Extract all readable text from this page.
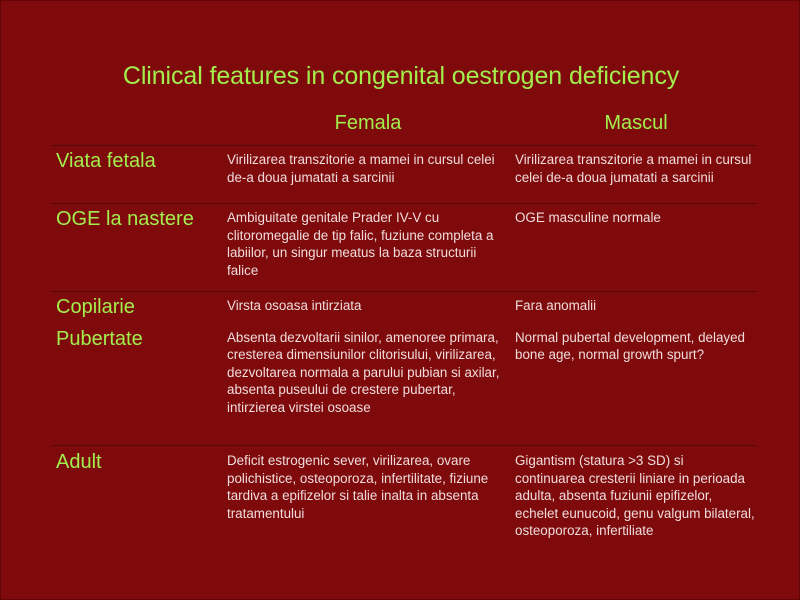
Clinical features in congenital oestrogen deficiency
	Femala	Mascul
Viata fetala	Virilizarea transzitorie a mamei in cursul celei de-a doua jumatati a sarcinii	Virilizarea transzitorie a mamei in cursul celei de-a doua jumatati a sarcinii
OGE la nastere	Ambiguitate genitale Prader IV-V cu clitoromegalie de tip falic, fuziune completa a labiilor, un singur meatus la baza structurii falice	OGE masculine normale
Copilarie	Virsta osoasa intirziata	Fara anomalii
Pubertate	Absenta dezvoltarii sinilor, amenoree primara, cresterea dimensiunilor clitorisului, virilizarea, dezvoltarea normala a parului pubian si axilar, absenta puseului de crestere pubertar, intirzierea virstei osoase	Normal pubertal development, delayed bone age, normal growth spurt?
Adult	Deficit estrogenic sever, virilizarea, ovare polichistice, osteoporoza, infertilitate, fiziune tardiva a epifizelor si talie inalta in absenta tratamentului	Gigantism (statura >3 SD) si continuarea cresterii liniare in perioada adulta, absenta fuziunii epifizelor, echelet eunucoid, genu valgum bilateral, osteoporoza, infertiliate
